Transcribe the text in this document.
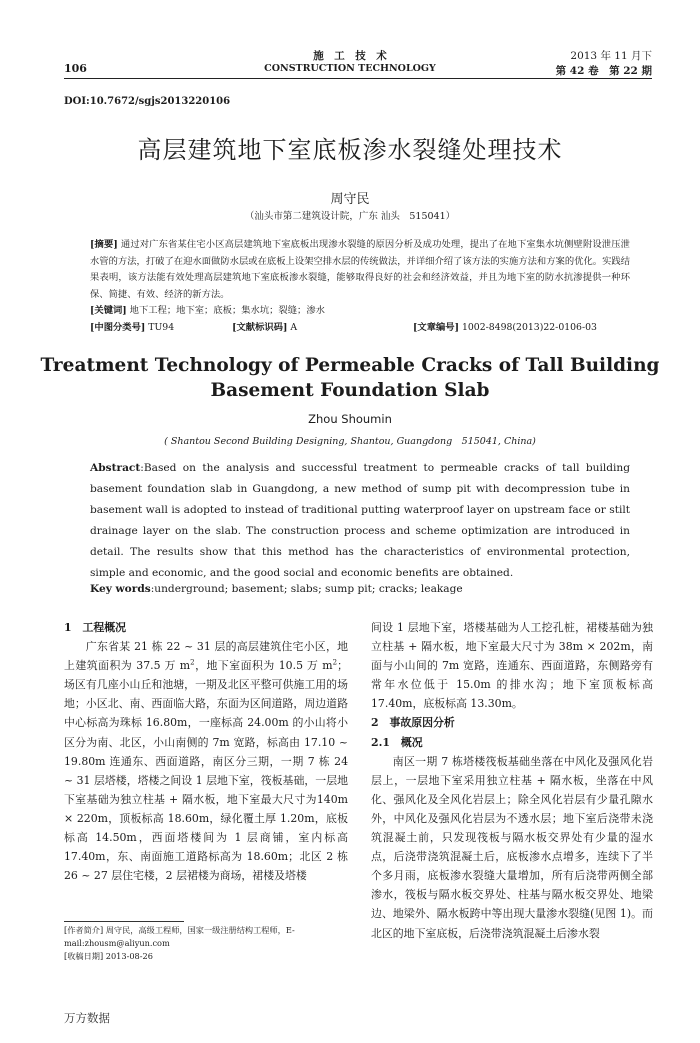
106
施　工　技　术
CONSTRUCTION TECHNOLOGY
2013 年 11 月下
第 42 卷　第 22 期
DOI:10.7672/sgjs2013220106
高层建筑地下室底板渗水裂缝处理技术
周守民
（汕头市第二建筑设计院，广东 汕头　515041）
[摘要] 通过对广东省某住宅小区高层建筑地下室底板出现渗水裂缝的原因分析及成功处理，提出了在地下室集水坑侧壁附设泄压泄水管的方法，打破了在迎水面做防水层或在底板上设架空排水层的传统做法，并详细介绍了该方法的实施方法和方案的优化。实践结果表明，该方法能有效处理高层建筑地下室底板渗水裂缝，能够取得良好的社会和经济效益，并且为地下室的防水抗渗提供一种环保、简捷、有效、经济的新方法。
[关键词] 地下工程；地下室；底板；集水坑；裂缝；渗水
[中图分类号] TU94	[文献标识码] A	[文章编号] 1002-8498(2013)22-0106-03
Treatment Technology of Permeable Cracks of Tall Building
Basement Foundation Slab
Zhou Shoumin
( Shantou Second Building Designing, Shantou, Guangdong　515041, China)
Abstract:Based on the analysis and successful treatment to permeable cracks of tall building basement foundation slab in Guangdong, a new method of sump pit with decompression tube in basement wall is adopted to instead of traditional putting waterproof layer on upstream face or stilt drainage layer on the slab. The construction process and scheme optimization are introduced in detail. The results show that this method has the characteristics of environmental protection, simple and economic, and the good social and economic benefits are obtained.
Key words:underground; basement; slabs; sump pit; cracks; leakage

1　工程概况

广东省某 21 栋 22 ~ 31 层的高层建筑住宅小区，地上建筑面积为 37.5 万 $m^2$，地下室面积为 10.5 万 $m^2$；场区有几座小山丘和池塘，一期及北区平整可供施工用的场地；小区北、南、西面临大路，东面为区间道路，周边道路中心标高为珠标 16.80m，一座标高 24.00m 的小山将小区分为南、北区，小山南侧的 7m 宽路，标高由 17.10 ~ 19.80m 连通东、西面道路，南区分三期，一期 7 栋 24 ~ 31 层塔楼，塔楼之间设 1 层地下室，筏板基础，一层地下室基础为独立柱基 + 隔水板，地下室最大尺寸为140m × 220m，顶板标高 18.60m，绿化覆土厚 1.20m，底板标高 14.50m，西面塔楼间为 1 层商铺，室内标高 17.40m，东、南面施工道路标高为 18.60m；北区 2 栋 26 ~ 27 层住宅楼，2 层裙楼为商场，裙楼及塔楼

[作者简介] 周守民，高级工程师，国家一级注册结构工程师，E-mail:zhousm@aliyun.com
[收稿日期] 2013-08-26

间设 1 层地下室，塔楼基础为人工挖孔桩，裙楼基础为独立柱基 + 隔水板，地下室最大尺寸为 38m × 202m，南面与小山间的 7m 宽路，连通东、西面道路，东侧路旁有常年水位低于 15.0m 的排水沟；地下室顶板标高 17.40m，底板标高 13.30m。

2　事故原因分析

2.1　概况

南区一期 7 栋塔楼筏板基础坐落在中风化及强风化岩层上，一层地下室采用独立柱基 + 隔水板，坐落在中风化、强风化及全风化岩层上；除全风化岩层有少量孔隙水外，中风化及强风化岩层为不透水层；地下室后浇带未浇筑混凝土前，只发现筏板与隔水板交界处有少量的湿水点，后浇带浇筑混凝土后，底板渗水点增多，连续下了半个多月雨，底板渗水裂缝大量增加，所有后浇带两侧全部渗水，筏板与隔水板交界处、柱基与隔水板交界处、地梁边、地梁外、隔水板跨中等出现大量渗水裂缝(见图 1)。而北区的地下室底板，后浇带浇筑混凝土后渗水裂

万方数据
